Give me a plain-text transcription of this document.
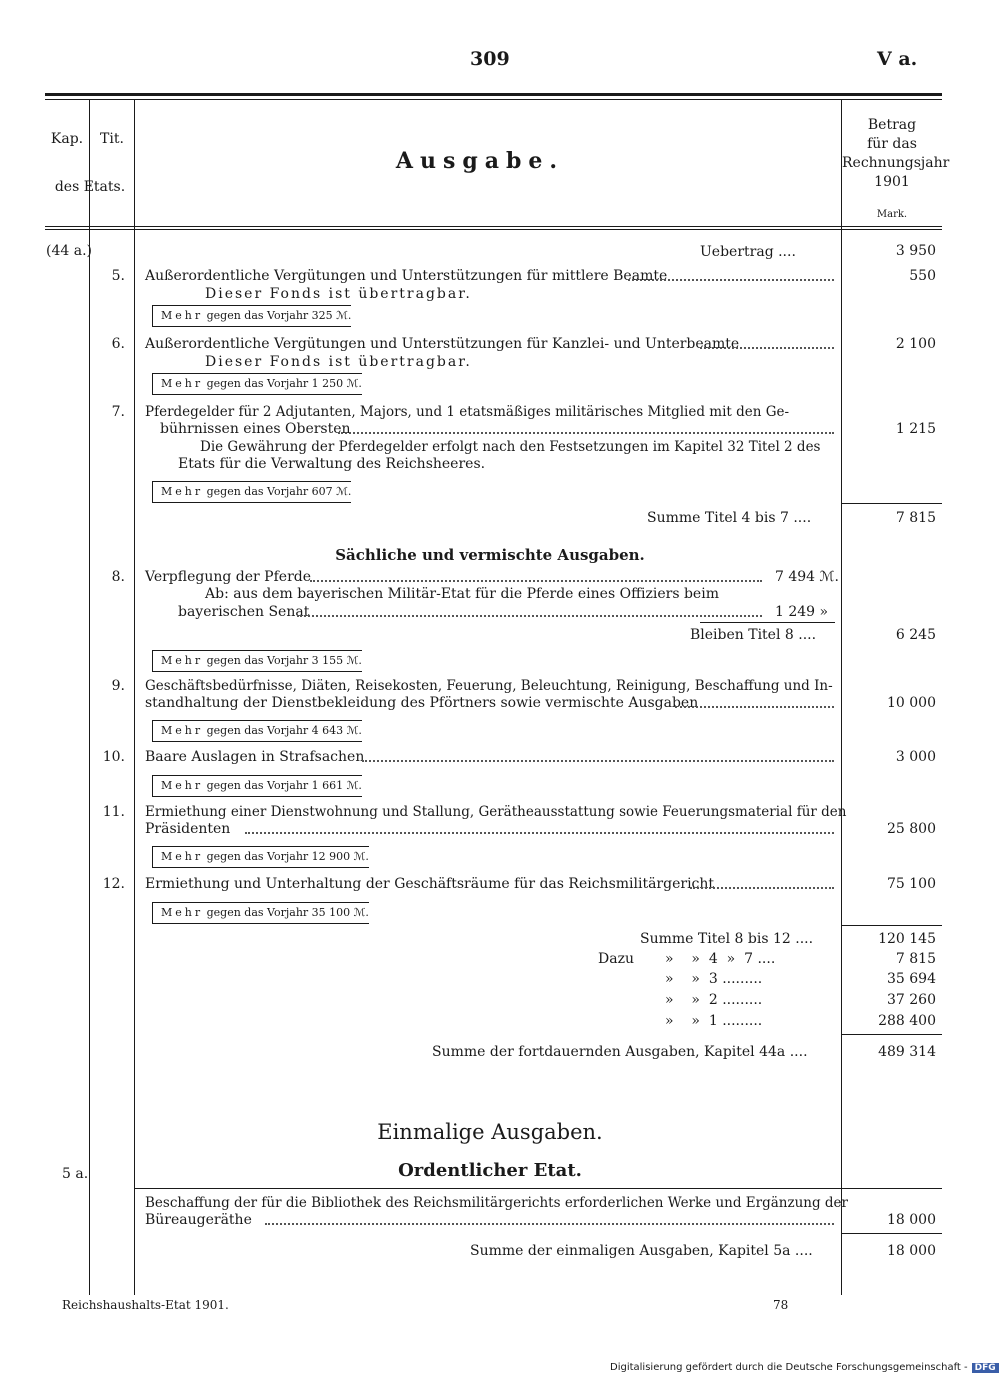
309	V a.
Kap.	Tit.
des Etats.
Ausgabe.
Betrag
für das
Rechnungsjahr
1901
Mark.
(44 a.)	Uebertrag ....	3 950
5. Außerordentliche Vergütungen und Unterstützungen für mittlere Beamte	550
Dieser Fonds ist übertragbar.
Mehr gegen das Vorjahr 325 ℳ.
6. Außerordentliche Vergütungen und Unterstützungen für Kanzlei- und Unterbeamte	2 100
Dieser Fonds ist übertragbar.
Mehr gegen das Vorjahr 1 250 ℳ.
7. Pferdegelder für 2 Adjutanten, Majors, und 1 etatsmäßiges militärisches Mitglied mit den Ge-
bührnissen eines Obersten	1 215
Die Gewährung der Pferdegelder erfolgt nach den Festsetzungen im Kapitel 32 Titel 2 des
Etats für die Verwaltung des Reichsheeres.
Mehr gegen das Vorjahr 607 ℳ.
Summe Titel 4 bis 7 ....	7 815
Sächliche und vermischte Ausgaben.
8. Verpflegung der Pferde	7 494 ℳ.
Ab: aus dem bayerischen Militär-Etat für die Pferde eines Offiziers beim
bayerischen Senat	1 249 »
Bleiben Titel 8 ....	6 245
Mehr gegen das Vorjahr 3 155 ℳ.
9. Geschäftsbedürfnisse, Diäten, Reisekosten, Feuerung, Beleuchtung, Reinigung, Beschaffung und In-
standhaltung der Dienstbekleidung des Pförtners sowie vermischte Ausgaben	10 000
Mehr gegen das Vorjahr 4 643 ℳ.
10. Baare Auslagen in Strafsachen	3 000
Mehr gegen das Vorjahr 1 661 ℳ.
11. Ermiethung einer Dienstwohnung und Stallung, Gerätheausstattung sowie Feuerungsmaterial für den
Präsidenten	25 800
Mehr gegen das Vorjahr 12 900 ℳ.
12. Ermiethung und Unterhaltung der Geschäftsräume für das Reichsmilitärgericht	75 100
Mehr gegen das Vorjahr 35 100 ℳ.
Summe Titel 8 bis 12 ....	120 145
Dazu »    »  4  »  7 ....	7 815
»    »  3 .........	35 694
»    »  2 .........	37 260
»    »  1 .........	288 400
Summe der fortdauernden Ausgaben, Kapitel 44a ....	489 314
Einmalige Ausgaben.
5 a.	Ordentlicher Etat.
Beschaffung der für die Bibliothek des Reichsmilitärgerichts erforderlichen Werke und Ergänzung der
Büreaugeräthe	18 000
Summe der einmaligen Ausgaben, Kapitel 5a ....	18 000
Reichshaushalts-Etat 1901.	78
Digitalisierung gefördert durch die Deutsche Forschungsgemeinschaft - DFG
